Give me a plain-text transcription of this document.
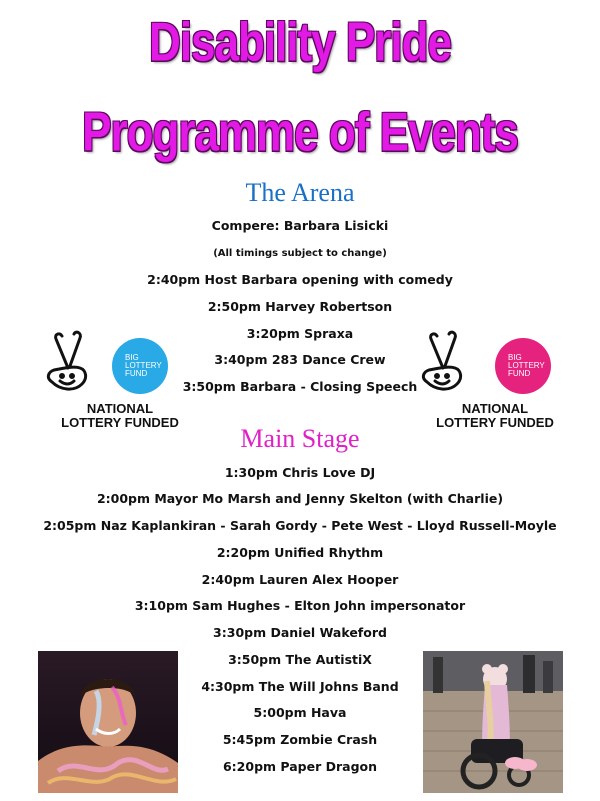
Disability Pride
Programme of Events
The Arena
Compere: Barbara Lisicki
(All timings subject to change)
2:40pm Host Barbara opening with comedy
2:50pm Harvey Robertson
3:20pm Spraxa
3:40pm 283 Dance Crew
3:50pm Barbara - Closing Speech
Main Stage
1:30pm Chris Love DJ
2:00pm Mayor Mo Marsh and Jenny Skelton (with Charlie)
2:05pm Naz Kaplankiran - Sarah Gordy - Pete West - Lloyd Russell-Moyle
2:20pm Unified Rhythm
2:40pm Lauren Alex Hooper
3:10pm Sam Hughes - Elton John impersonator
3:30pm Daniel Wakeford
3:50pm The AutistiX
4:30pm The Will Johns Band
5:00pm Hava
5:45pm Zombie Crash
6:20pm Paper Dragon
BIG LOTTERY FUND
NATIONAL
LOTTERY FUNDED
BIG LOTTERY FUND
NATIONAL
LOTTERY FUNDED
